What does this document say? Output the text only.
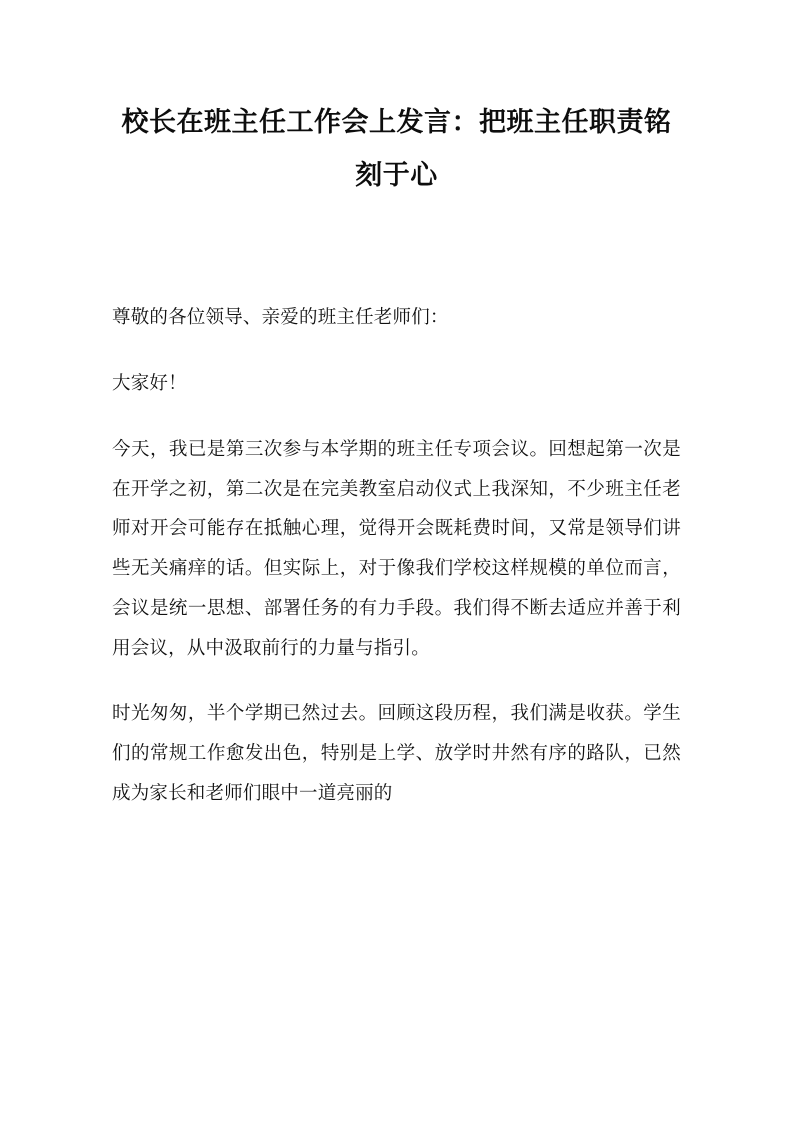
校长在班主任工作会上发言：把班主任职责铭刻于心

尊敬的各位领导、亲爱的班主任老师们：

大家好！

今天，我已是第三次参与本学期的班主任专项会议。回想起第一次是在开学之初，第二次是在完美教室启动仪式上我深知，不少班主任老师对开会可能存在抵触心理，觉得开会既耗费时间，又常是领导们讲些无关痛痒的话。但实际上，对于像我们学校这样规模的单位而言，会议是统一思想、部署任务的有力手段。我们得不断去适应并善于利用会议，从中汲取前行的力量与指引。

时光匆匆，半个学期已然过去。回顾这段历程，我们满是收获。学生们的常规工作愈发出色，特别是上学、放学时井然有序的路队，已然成为家长和老师们眼中一道亮丽的
